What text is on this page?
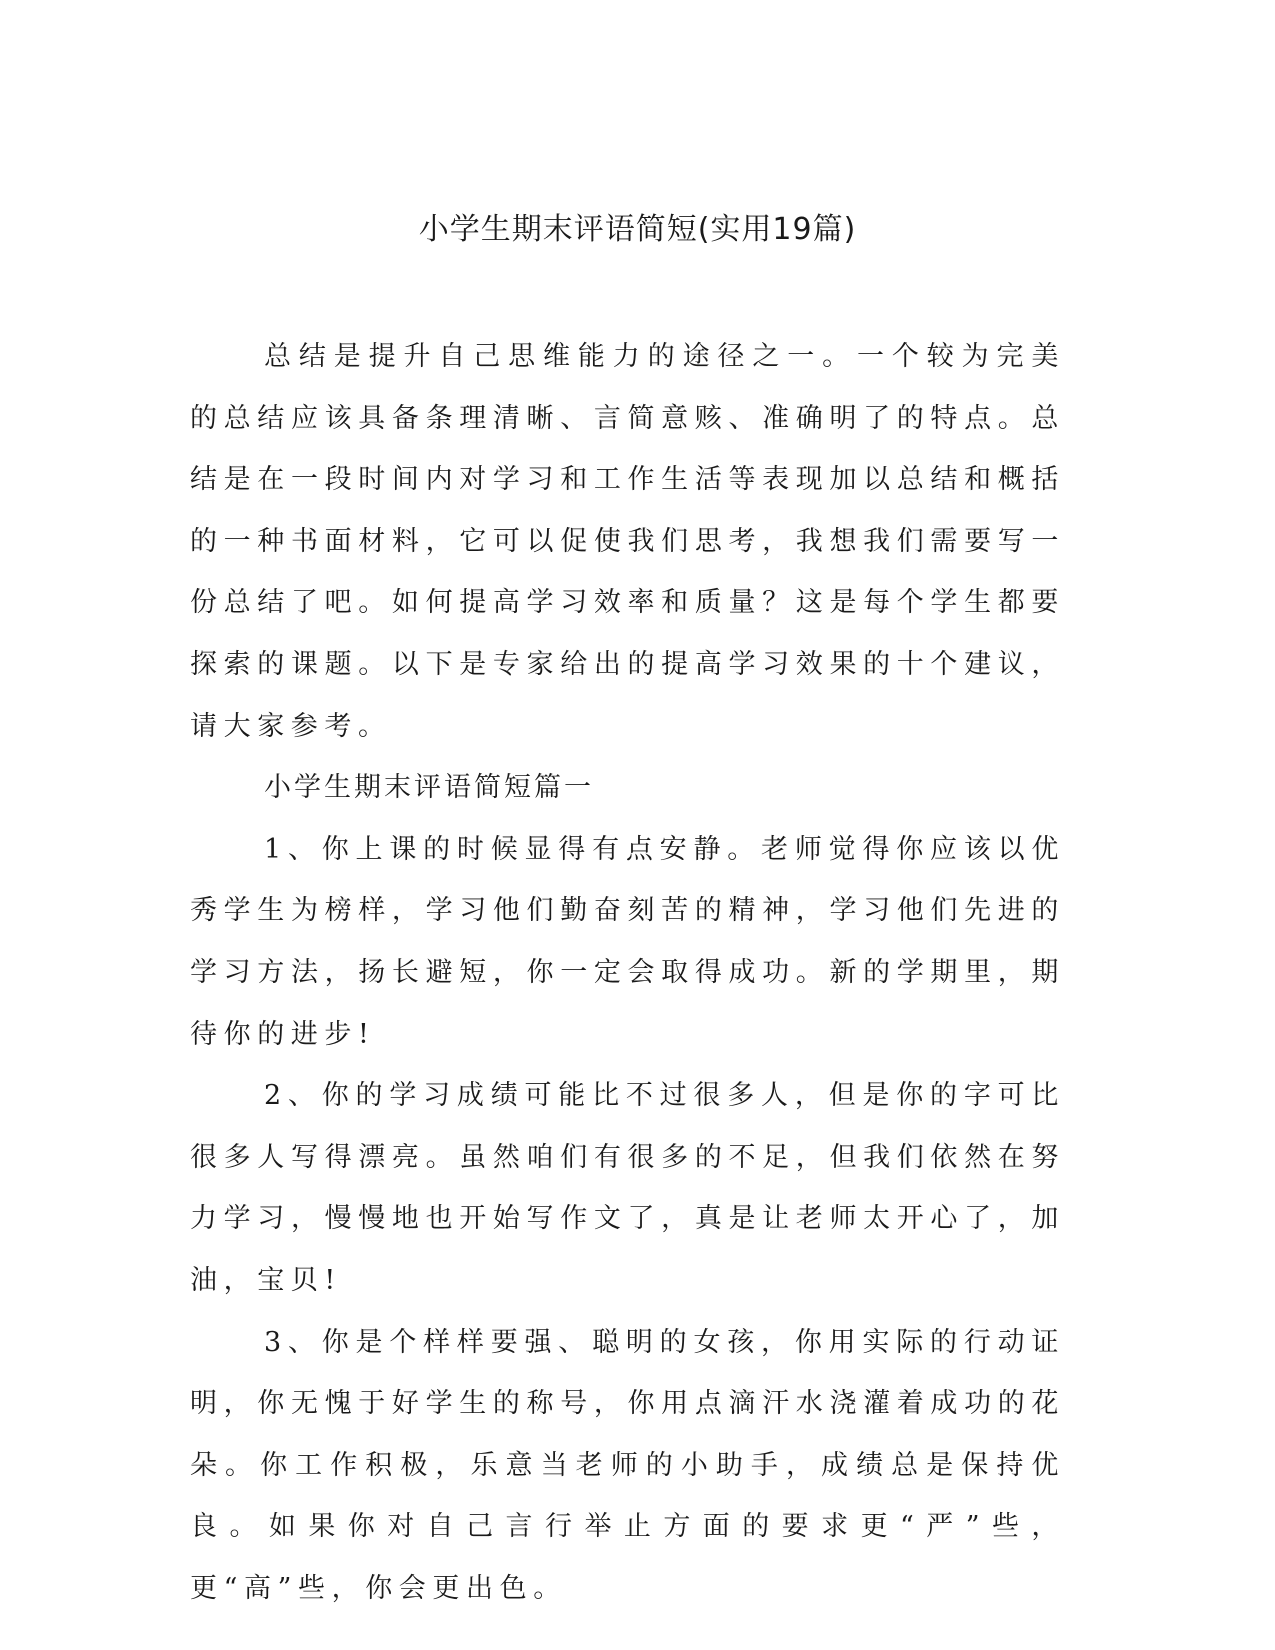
小学生期末评语简短(实用19篇)

总结是提升自己思维能力的途径之一。一个较为完美的总结应该具备条理清晰、言简意赅、准确明了的特点。总结是在一段时间内对学习和工作生活等表现加以总结和概括的一种书面材料，它可以促使我们思考，我想我们需要写一份总结了吧。如何提高学习效率和质量？这是每个学生都要探索的课题。以下是专家给出的提高学习效果的十个建议，请大家参考。

小学生期末评语简短篇一

1、你上课的时候显得有点安静。老师觉得你应该以优秀学生为榜样，学习他们勤奋刻苦的精神，学习他们先进的学习方法，扬长避短，你一定会取得成功。新的学期里，期待你的进步!

2、你的学习成绩可能比不过很多人，但是你的字可比很多人写得漂亮。虽然咱们有很多的不足，但我们依然在努力学习，慢慢地也开始写作文了，真是让老师太开心了，加油，宝贝!

3、你是个样样要强、聪明的女孩，你用实际的行动证明，你无愧于好学生的称号，你用点滴汗水浇灌着成功的花朵。你工作积极，乐意当老师的小助手，成绩总是保持优良。如果你对自己言行举止方面的要求更“严”些，更“高”些，你会更出色。
